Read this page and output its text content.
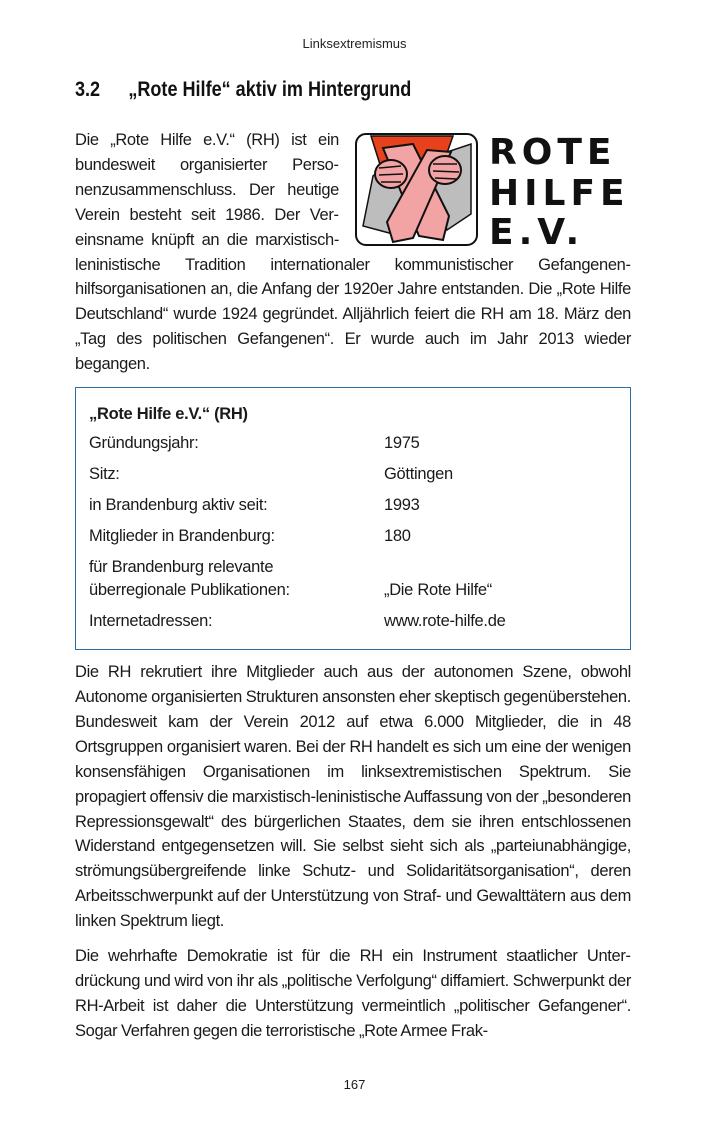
Linksextremismus
3.2 „Rote Hilfe“ aktiv im Hintergrund
ROTE
HILFE
E.V.

Die „Rote Hilfe e.V.“ (RH) ist ein bundesweit organisierter Personenzusammenschluss. Der heutige Verein besteht seit 1986. Der Vereinsname knüpft an die marxistisch-leninistische Tradition internationaler kommunistischer Gefangenenhilfsorganisationen an, die Anfang der 1920er Jahre entstanden. Die „Rote Hilfe Deutschland“ wurde 1924 gegründet. Alljährlich feiert die RH am 18. März den „Tag des politischen Gefangenen“. Er wurde auch im Jahr 2013 wieder begangen.

„Rote Hilfe e.V.“ (RH)
Gründungsjahr:	1975
Sitz:	Göttingen
in Brandenburg aktiv seit:	1993
Mitglieder in Brandenburg:	180
für Brandenburg relevante
überregionale Publikationen:	„Die Rote Hilfe“
Internetadressen:	www.rote-hilfe.de

Die RH rekrutiert ihre Mitglieder auch aus der autonomen Szene, obwohl Autonome organisierten Strukturen ansonsten eher skeptisch gegenüberstehen. Bundesweit kam der Verein 2012 auf etwa 6.000 Mitglieder, die in 48 Ortsgruppen organisiert waren. Bei der RH handelt es sich um eine der wenigen konsensfähigen Organisationen im linksextremistischen Spektrum. Sie propagiert offensiv die marxistisch-leninistische Auffassung von der „besonderen Repressionsgewalt“ des bürgerlichen Staates, dem sie ihren entschlossenen Widerstand entgegensetzen will. Sie selbst sieht sich als „parteiunabhängige, strömungsübergreifende linke Schutz- und Solidaritätsorganisation“, deren Arbeitsschwerpunkt auf der Unterstützung von Straf- und Gewalttätern aus dem linken Spektrum liegt.

Die wehrhafte Demokratie ist für die RH ein Instrument staatlicher Unterdrückung und wird von ihr als „politische Verfolgung“ diffamiert. Schwerpunkt der RH-Arbeit ist daher die Unterstützung vermeintlich „politischer Gefangener“. Sogar Verfahren gegen die terroristische „Rote Armee Frak-

167
